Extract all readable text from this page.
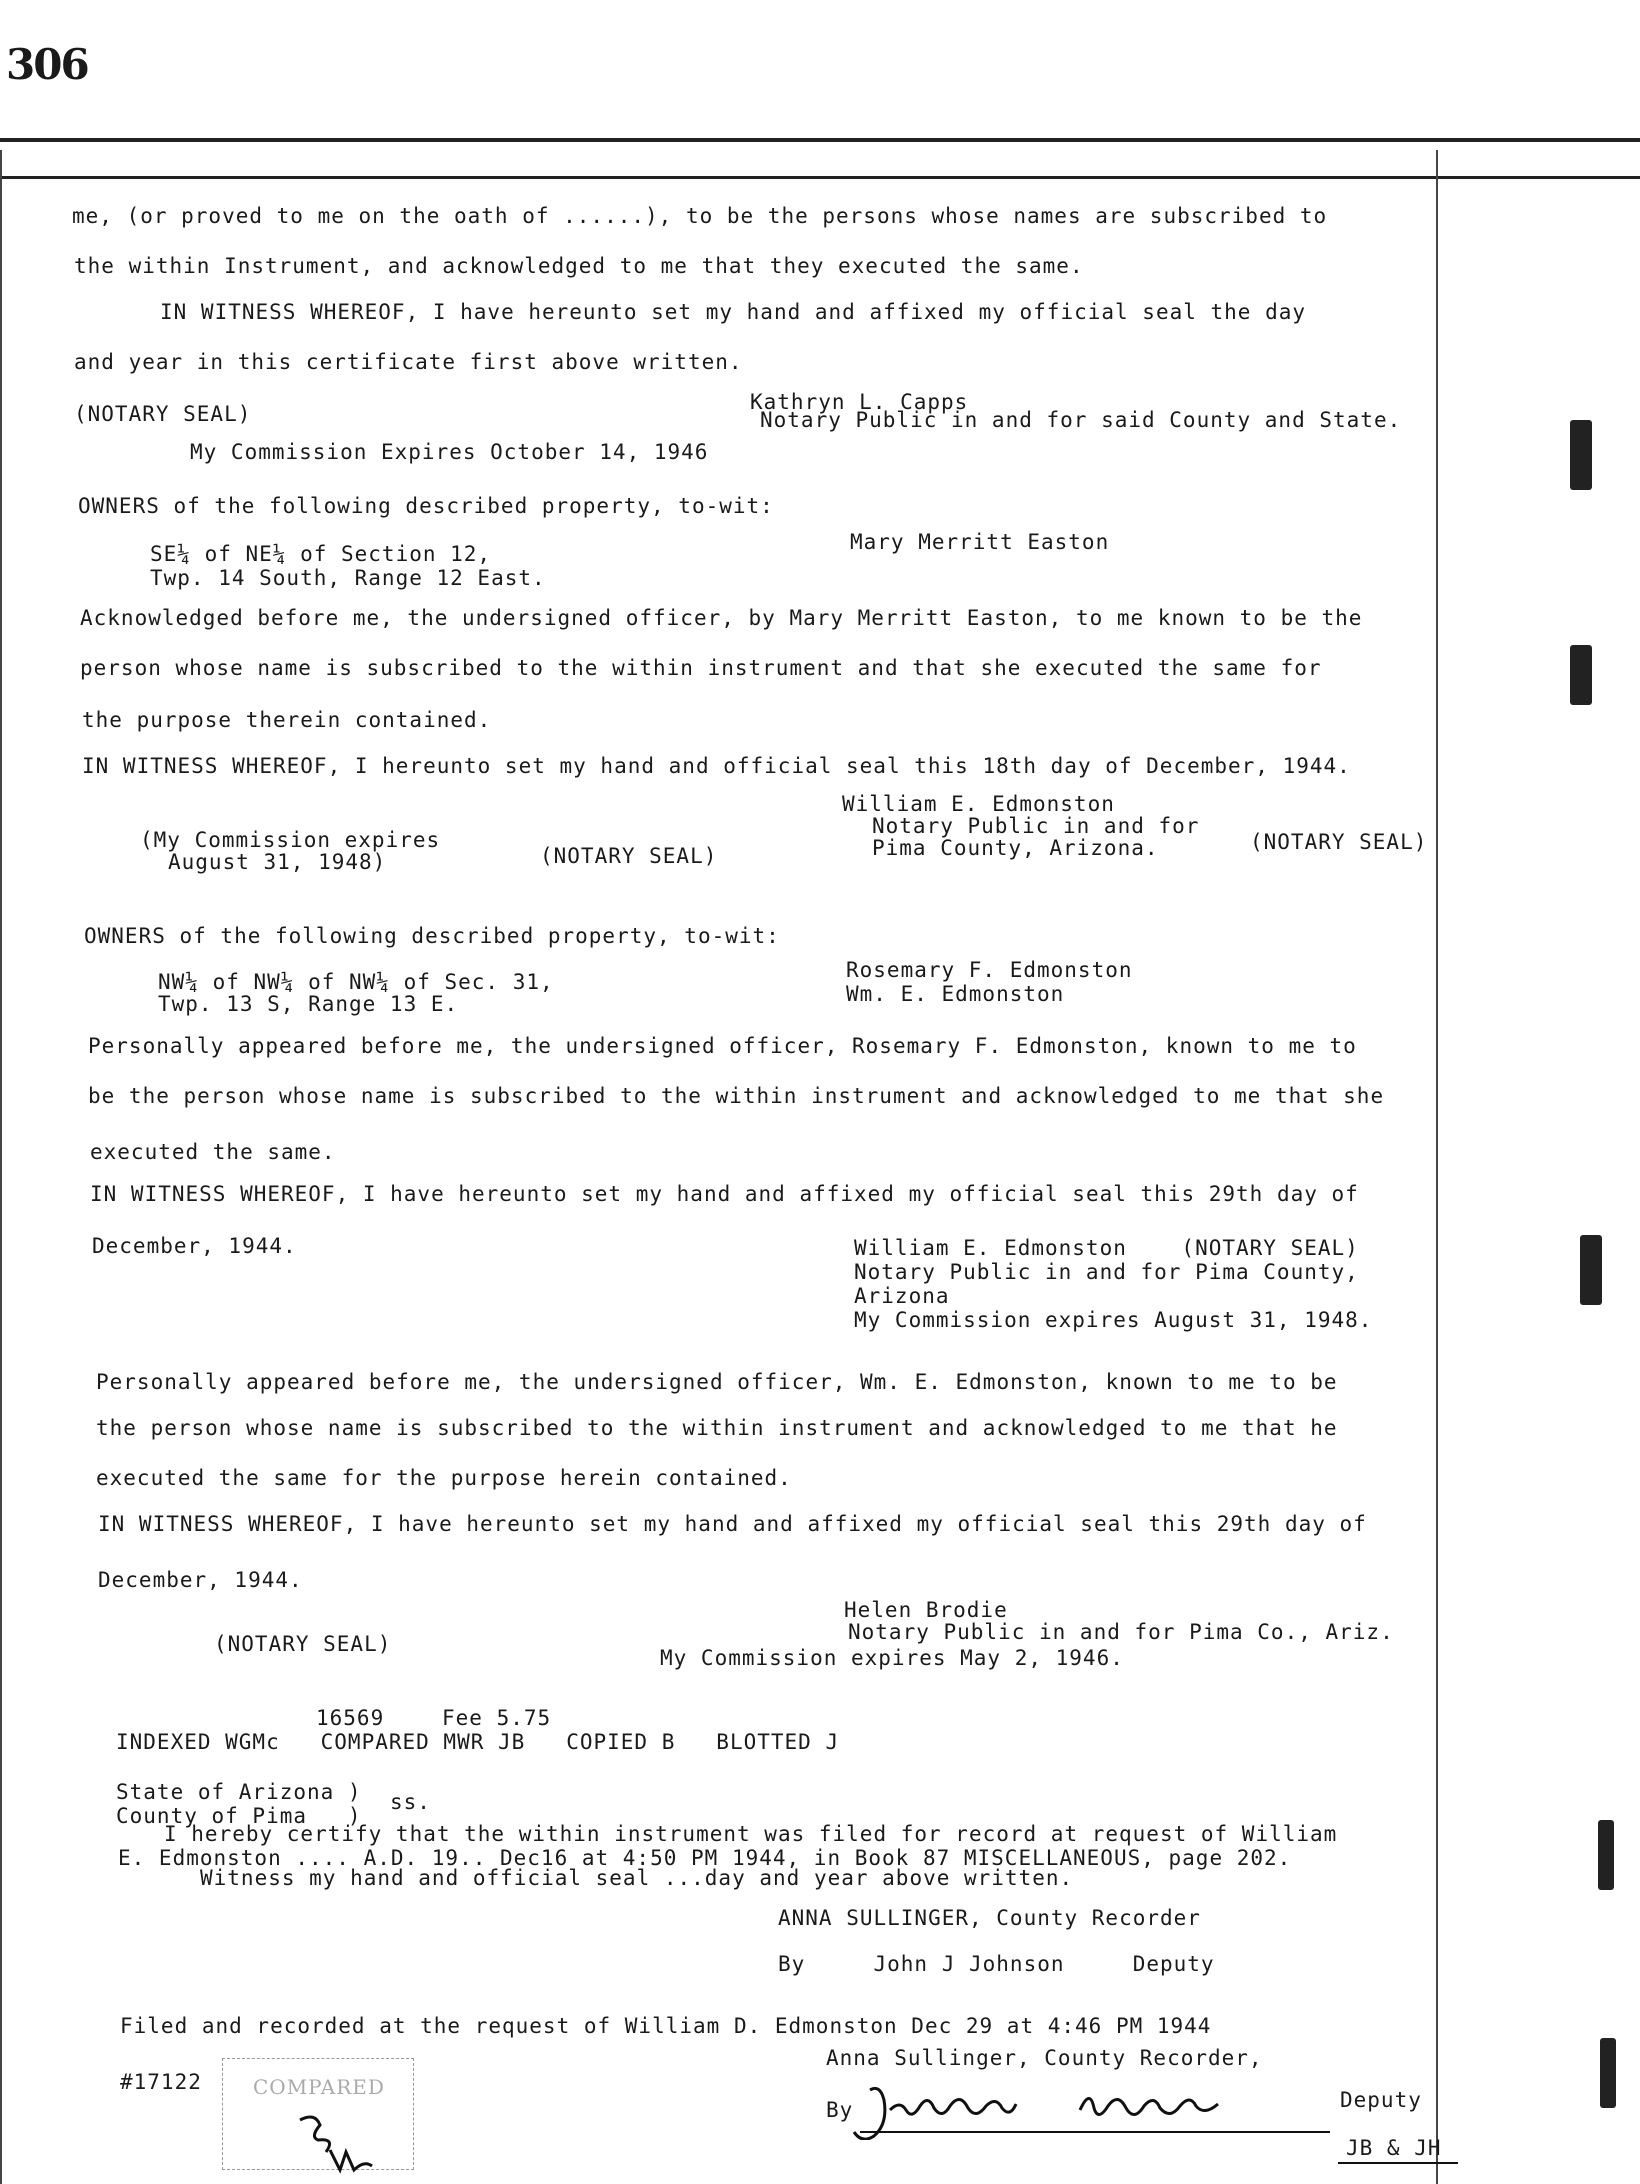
306
me, (or proved to me on the oath of ......), to be the persons whose names are subscribed to
the within Instrument, and acknowledged to me that they executed the same.
IN WITNESS WHEREOF, I have hereunto set my hand and affixed my official seal the day
and year in this certificate first above written.
(NOTARY SEAL)	Kathryn L. Capps
Notary Public in and for said County and State.
My Commission Expires October 14, 1946
OWNERS of the following described property, to-wit:
SE¼ of NE¼ of Section 12,	Mary Merritt Easton
Twp. 14 South, Range 12 East.
Acknowledged before me, the undersigned officer, by Mary Merritt Easton, to me known to be the
person whose name is subscribed to the within instrument and that she executed the same for
the purpose therein contained.
IN WITNESS WHEREOF, I hereunto set my hand and official seal this 18th day of December, 1944.
William E. Edmonston
Notary Public in and for
(My Commission expires	Pima County, Arizona.	(NOTARY SEAL)
August 31, 1948)	(NOTARY SEAL)
OWNERS of the following described property, to-wit:
NW¼ of NW¼ of NW¼ of Sec. 31,	Rosemary F. Edmonston
Twp. 13 S, Range 13 E.	Wm. E. Edmonston
Personally appeared before me, the undersigned officer, Rosemary F. Edmonston, known to me to
be the person whose name is subscribed to the within instrument and acknowledged to me that she
executed the same.
IN WITNESS WHEREOF, I have hereunto set my hand and affixed my official seal this 29th day of
December, 1944.	William E. Edmonston    (NOTARY SEAL)
Notary Public in and for Pima County,
Arizona
My Commission expires August 31, 1948.
Personally appeared before me, the undersigned officer, Wm. E. Edmonston, known to me to be
the person whose name is subscribed to the within instrument and acknowledged to me that he
executed the same for the purpose herein contained.
IN WITNESS WHEREOF, I have hereunto set my hand and affixed my official seal this 29th day of
December, 1944.
Helen Brodie
Notary Public in and for Pima Co., Ariz.
(NOTARY SEAL)
My Commission expires May 2, 1946.
16569	Fee 5.75
INDEXED WGMc   COMPARED MWR JB   COPIED B   BLOTTED J
State of Arizona ) ss.
County of Pima   )
I hereby certify that the within instrument was filed for record at request of William
E. Edmonston .... A.D. 19.. Dec16 at 4:50 PM 1944, in Book 87 MISCELLANEOUS, page 202.
Witness my hand and official seal ...day and year above written.
ANNA SULLINGER, County Recorder
By     John J Johnson     Deputy
Filed and recorded at the request of William D. Edmonston Dec 29 at 4:46 PM 1944
Anna Sullinger, County Recorder,
#17122
By	Deputy
JB & JH
COMPARED
